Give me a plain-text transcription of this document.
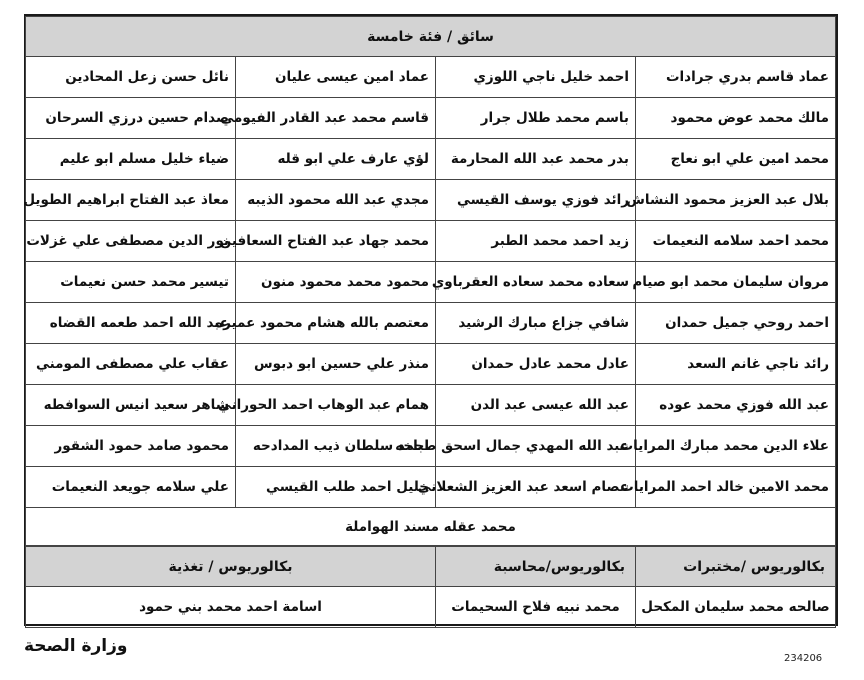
سائق / فئة خامسة			
عماد قاسم بدري جرادات	احمد خليل ناجي اللوزي	عماد امين عيسى عليان	نائل حسن زعل المحادين
مالك محمد عوض محمود	باسم محمد طلال جرار	قاسم محمد عبد القادر الفيومي	صدام حسين درزي السرحان
محمد امين علي ابو نعاج	بدر محمد عبد الله المحارمة	لؤي عارف علي ابو قله	ضياء خليل مسلم ابو عليم
بلال عبد العزيز محمود النشاش	رائد فوزي يوسف القيسي	مجدي عبد الله محمود الذيبه	معاذ عبد الفتاح ابراهيم الطويل
محمد احمد سلامه النعيمات	زيد احمد محمد الطبر	محمد جهاد عبد الفتاح السعافين	نور الدين مصطفى علي غزلات
مروان سليمان محمد ابو صيام	سعاده محمد سعاده العقرباوي	محمود محمد محمود منون	تيسير محمد حسن نعيمات
احمد روحي جميل حمدان	شافي جزاع مبارك الرشيد	معتصم بالله هشام محمود عميره	عبد الله احمد طعمه القضاه
رائد ناجي غانم السعد	عادل محمد عادل حمدان	منذر علي حسين ابو دبوس	عقاب علي مصطفى المومني
عبد الله فوزي محمد عوده	عبد الله عيسى عبد الدن	همام عبد الوهاب احمد الحوراني	شاهر سعيد انيس السوافطه
علاء الدين محمد مبارك المرايات	عبد الله المهدي جمال اسحق طباخه	احمد سلطان ذيب المدادحه	محمود صامد حمود الشقور
محمد الامين خالد احمد المرايات	عصام اسعد عبد العزيز الشعلاني	خليل احمد طلب القيسي	علي سلامه جويعد النعيمات
محمد عقله مسند الهواملة			
بكالوريوس /مختبرات	بكالوريوس/محاسبة	بكالوريوس / تغذية
صالحه محمد سليمان المكحل	محمد نبيه فلاح السحيمات	اسامة احمد محمد بني حمود
وزارة الصحة
234206
